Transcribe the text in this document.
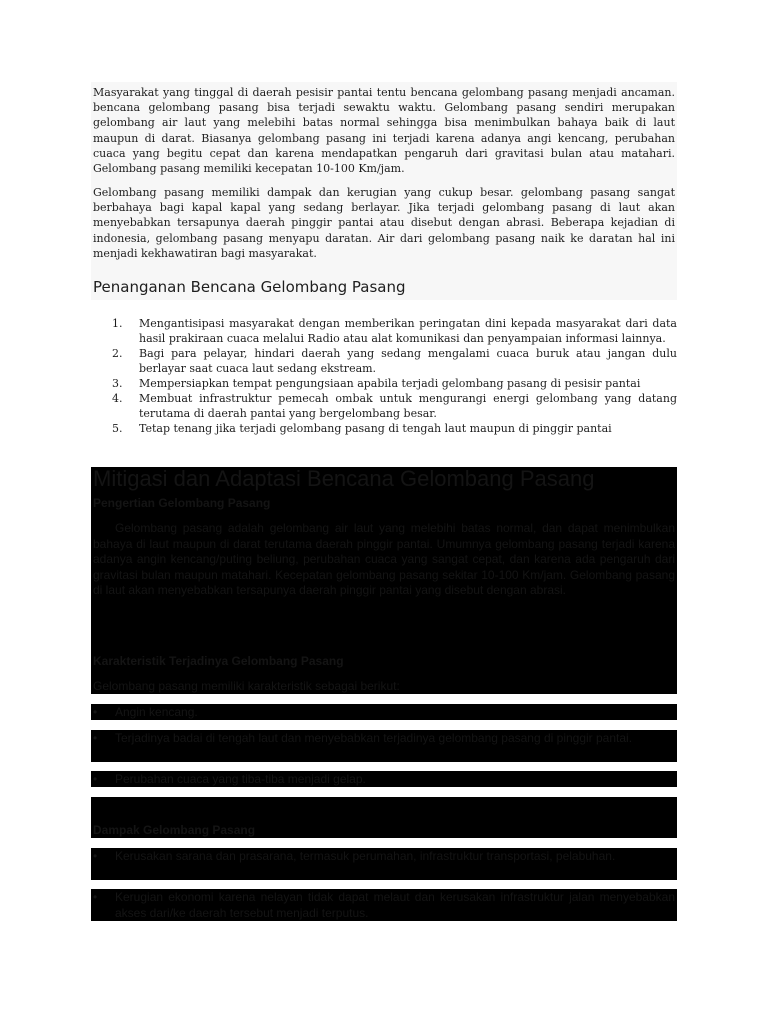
Masyarakat yang tinggal di daerah pesisir pantai tentu bencana gelombang pasang menjadi ancaman. bencana gelombang pasang bisa terjadi sewaktu waktu. Gelombang pasang sendiri merupakan gelombang air laut yang melebihi batas normal sehingga bisa menimbulkan bahaya baik di laut maupun di darat. Biasanya gelombang pasang ini terjadi karena adanya angi kencang, perubahan cuaca yang begitu cepat dan karena mendapatkan pengaruh dari gravitasi bulan atau matahari. Gelombang pasang memiliki kecepatan 10-100 Km/jam.

Gelombang pasang memiliki dampak dan kerugian yang cukup besar. gelombang pasang sangat berbahaya bagi kapal kapal yang sedang berlayar. Jika terjadi gelombang pasang di laut akan menyebabkan tersapunya daerah pinggir pantai atau disebut dengan abrasi. Beberapa kejadian di indonesia, gelombang pasang menyapu daratan. Air dari gelombang pasang naik ke daratan hal ini menjadi kekhawatiran bagi masyarakat.

Penanganan Bencana Gelombang Pasang
1.	Mengantisipasi masyarakat dengan memberikan peringatan dini kepada masyarakat dari data hasil prakiraan cuaca melalui Radio atau alat komunikasi dan penyampaian informasi lainnya.
2.	Bagi para pelayar, hindari daerah yang sedang mengalami cuaca buruk atau jangan dulu berlayar saat cuaca laut sedang ekstream.
3.	Mempersiapkan tempat pengungsiaan apabila terjadi gelombang pasang di pesisir pantai
4.	Membuat infrastruktur pemecah ombak untuk mengurangi energi gelombang yang datang terutama di daerah pantai yang bergelombang besar.
5.	Tetap tenang jika terjadi gelombang pasang di tengah laut maupun di pinggir pantai
Mitigasi dan Adaptasi Bencana Gelombang Pasang
Pengertian Gelombang Pasang

Gelombang pasang adalah gelombang air laut yang melebihi batas normal, dan dapat menimbulkan bahaya di laut maupun di darat terutama daerah pinggir pantai. Umumnya gelombang pasang terjadi karena adanya angin kencang/puting beliung, perubahan cuaca yang sangat cepat, dan karena ada pengaruh dari gravitasi bulan maupun matahari. Kecepatan gelombang pasang sekitar 10-100 Km/jam. Gelombang pasang di laut akan menyebabkan tersapunya daerah pinggir pantai yang disebut dengan abrasi.

Karakteristik Terjadinya Gelombang Pasang

Gelombang pasang memiliki karakteristik sebagai berikut:

•	Angin kencang.
•	Terjadinya badai di tengah laut dan menyebabkan terjadinya gelombang pasang di pinggir pantai.
•	Perubahan cuaca yang tiba-tiba menjadi gelap.
Dampak Gelombang Pasang
•	Kerusakan sarana dan prasarana, termasuk perumahan, infrastruktur transportasi, pelabuhan.
•	Kerugian ekonomi karena nelayan tidak dapat melaut dan kerusakan infrastruktur jalan menyebabkan akses dari/ke daerah tersebut menjadi terputus.
